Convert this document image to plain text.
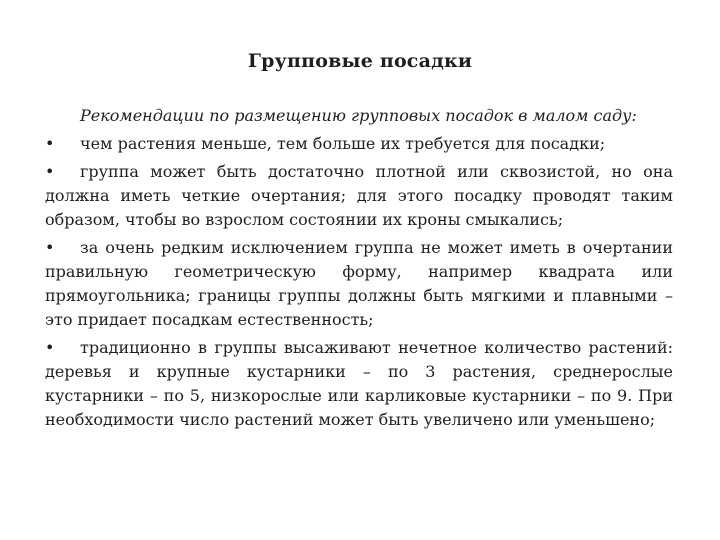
Групповые посадки

Рекомендации по размещению групповых посадок в малом саду:

• чем растения меньше, тем больше их требуется для посадки;

• группа может быть достаточно плотной или сквозистой, но она должна иметь четкие очертания; для этого посадку проводят таким образом, чтобы во взрослом состоянии их кроны смыкались;

• за очень редким исключением группа не может иметь в очертании правильную геометрическую форму, например квадрата или прямоугольника; границы группы должны быть мягкими и плавными – это придает посадкам естественность;

• традиционно в группы высаживают нечетное количество растений: деревья и крупные кустарники – по 3 растения, среднерослые кустарники – по 5, низкорослые или карликовые кустарники – по 9. При необходимости число растений может быть увеличено или уменьшено;
